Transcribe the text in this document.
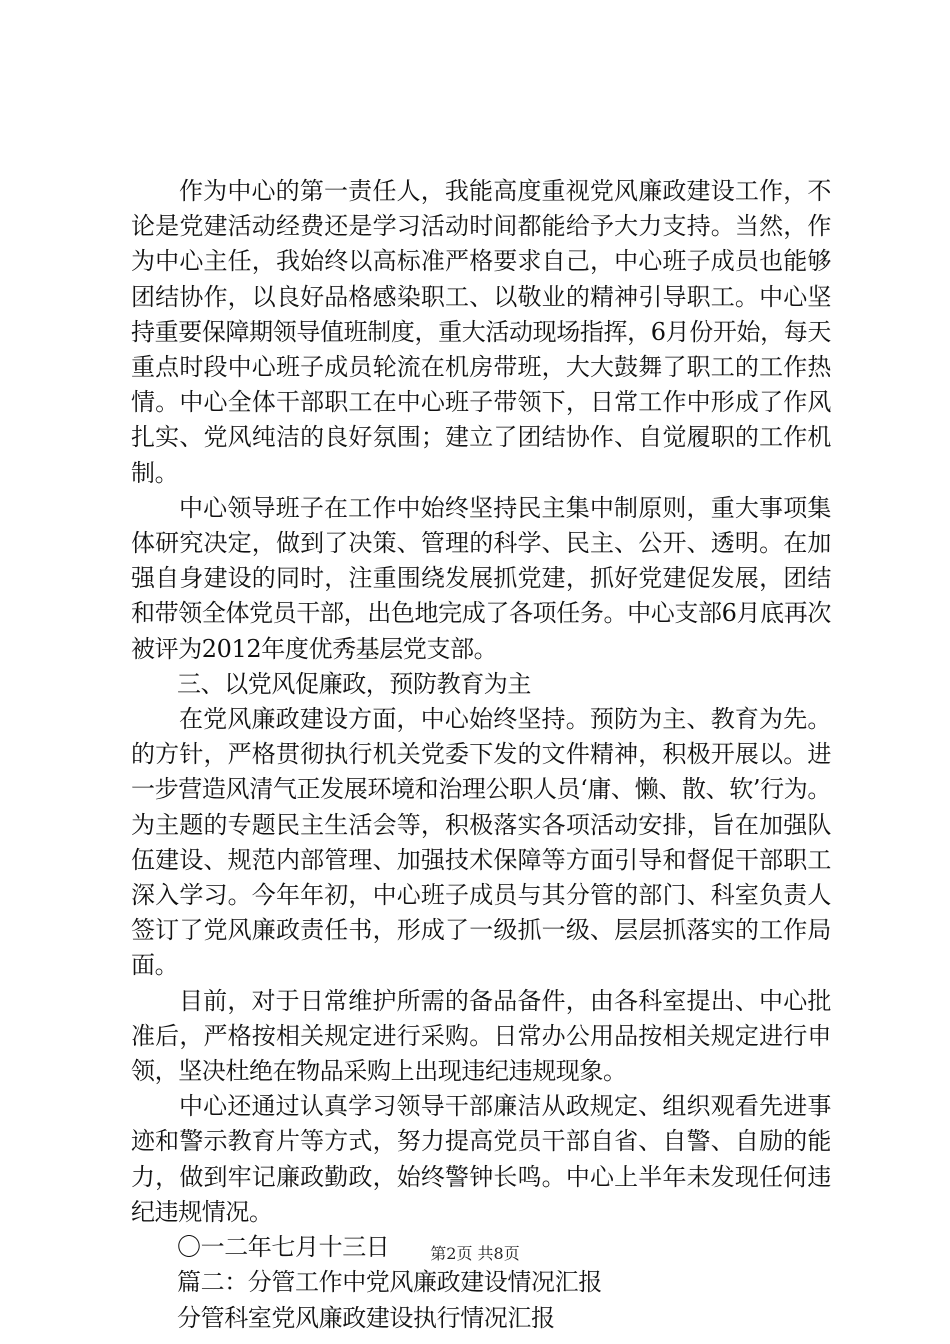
作为中心的第一责任人，我能高度重视党风廉政建设工作，不论是党建活动经费还是学习活动时间都能给予大力支持。当然，作为中心主任，我始终以高标准严格要求自己，中心班子成员也能够团结协作，以良好品格感染职工、以敬业的精神引导职工。中心坚持重要保障期领导值班制度，重大活动现场指挥，6月份开始，每天重点时段中心班子成员轮流在机房带班，大大鼓舞了职工的工作热情。中心全体干部职工在中心班子带领下，日常工作中形成了作风扎实、党风纯洁的良好氛围；建立了团结协作、自觉履职的工作机制。

中心领导班子在工作中始终坚持民主集中制原则，重大事项集体研究决定，做到了决策、管理的科学、民主、公开、透明。在加强自身建设的同时，注重围绕发展抓党建，抓好党建促发展，团结和带领全体党员干部，出色地完成了各项任务。中心支部6月底再次被评为2012年度优秀基层党支部。

三、以党风促廉政，预防教育为主

在党风廉政建设方面，中心始终坚持。预防为主、教育为先。的方针，严格贯彻执行机关党委下发的文件精神，积极开展以。进一步营造风清气正发展环境和治理公职人员‘庸、懒、散、软’行为。为主题的专题民主生活会等，积极落实各项活动安排，旨在加强队伍建设、规范内部管理、加强技术保障等方面引导和督促干部职工深入学习。今年年初，中心班子成员与其分管的部门、科室负责人签订了党风廉政责任书，形成了一级抓一级、层层抓落实的工作局面。

目前，对于日常维护所需的备品备件，由各科室提出、中心批准后，严格按相关规定进行采购。日常办公用品按相关规定进行申领，坚决杜绝在物品采购上出现违纪违规现象。

中心还通过认真学习领导干部廉洁从政规定、组织观看先进事迹和警示教育片等方式，努力提高党员干部自省、自警、自励的能力，做到牢记廉政勤政，始终警钟长鸣。中心上半年未发现任何违纪违规情况。

〇一二年七月十三日

篇二：分管工作中党风廉政建设情况汇报

分管科室党风廉政建设执行情况汇报

第2页 共8页
